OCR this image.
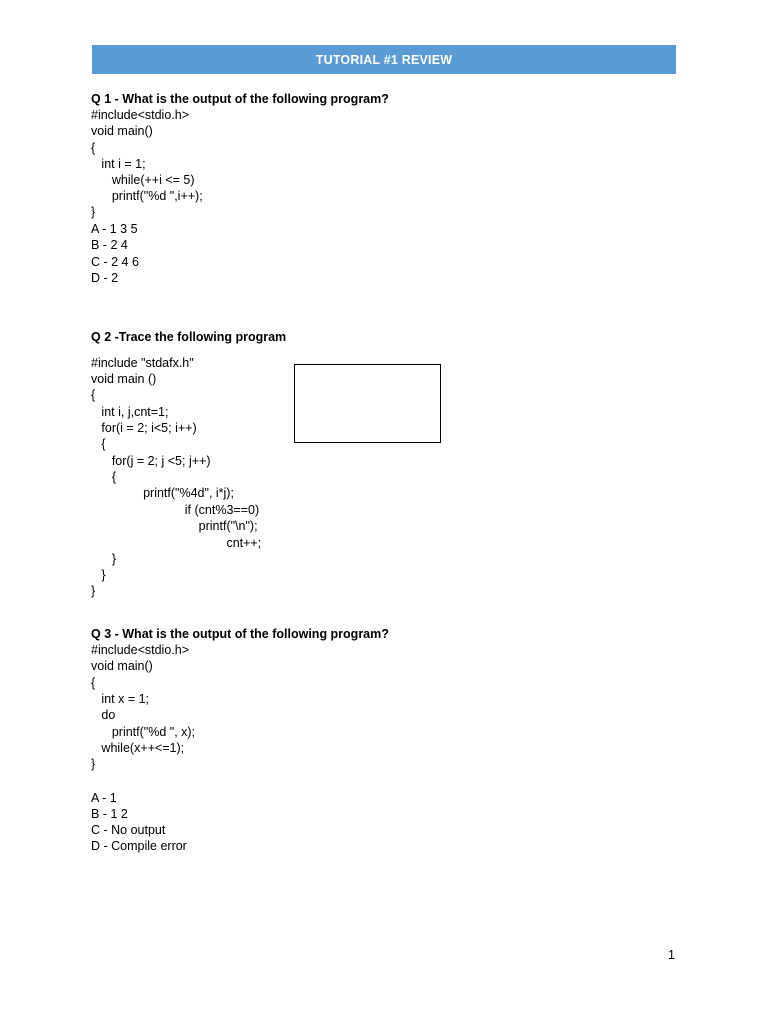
TUTORIAL #1 REVIEW
Q 1 - What is the output of the following program?
#include<stdio.h>
void main()
{
int i = 1;
while(++i <= 5)
printf("%d ",i++);
}
A - 1 3 5
B - 2 4
C - 2 4 6
D - 2
Q 2 -Trace the following program
#include "stdafx.h"
void main ()
{
int i, j,cnt=1;
for(i = 2; i<5; i++)
{
for(j = 2; j <5; j++)
{
printf("%4d", i*j);
if (cnt%3==0)
printf("\n");
cnt++;
}
}
}
Q 3 - What is the output of the following program?
#include<stdio.h>
void main()
{
int x = 1;
do
printf("%d ", x);
while(x++<=1);
}
A - 1
B - 1 2
C - No output
D - Compile error
1
